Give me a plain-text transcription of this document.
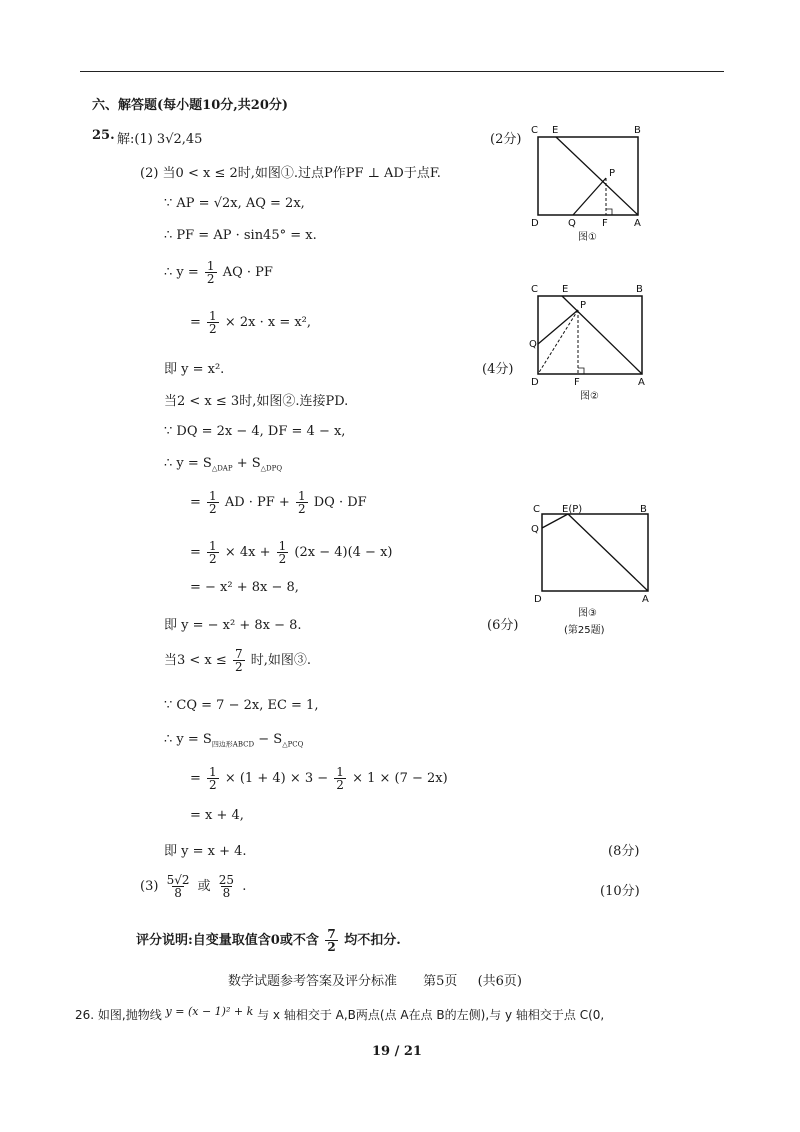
六、解答题(每小题10分,共20分)
25. 解:(1) 3√2,45	(2分)
(2) 当0 < x ≤ 2时,如图①.过点P作PF ⊥ AD于点F.
∵ AP = √2x, AQ = 2x,
∴ PF = AP · sin45° = x.
∴ $y = \frac{1}{2}$ AQ · PF
= $\frac{1}{2} \times 2x \cdot x = x^2$,
即 y = x².	(4分)
当2 < x ≤ 3时,如图②.连接PD.
∵ DQ = 2x − 4, DF = 4 − x,
∴ $y = S_{\triangle DAP} + S_{\triangle DPQ}$
= $\frac{1}{2}$ AD · PF + $\frac{1}{2}$ DQ · DF
= $\frac{1}{2} \times 4x + \frac{1}{2} (2x - 4)(4 - x)$
= − x² + 8x − 8,
即 y = − x² + 8x − 8.	(6分)
当$3 < x \le \frac{7}{2}$ 时,如图③.
∵ CQ = 7 − 2x, EC = 1,
∴ $y = S_{四边形ABCD} - S_{\triangle PCQ}$
= $\frac{1}{2} \times (1 + 4) \times 3 - \frac{1}{2} \times 1 \times (7 - 2x)$
= x + 4,
即 y = x + 4.	(8分)
$(3) \frac{5√2}{8}$ 或 $\frac{25}{8}$ .	(10分)
评分说明:自变量取值含0或不含 $\frac{7}{2}$ 均不扣分.
C E	B
P
D	Q	F	A
图①
C E
P
B
Q
D	F	A
图②
C E(P)	B
Q
D	A
图③
(第25题)
数学试题参考答案及评分标准 第5页 (共6页)
26. 如图,抛物线 y = (x − 1)² + k 与 x 轴相交于 A,B两点(点 A在点 B的左侧),与 y 轴相交于点 C(0,
19 / 21
